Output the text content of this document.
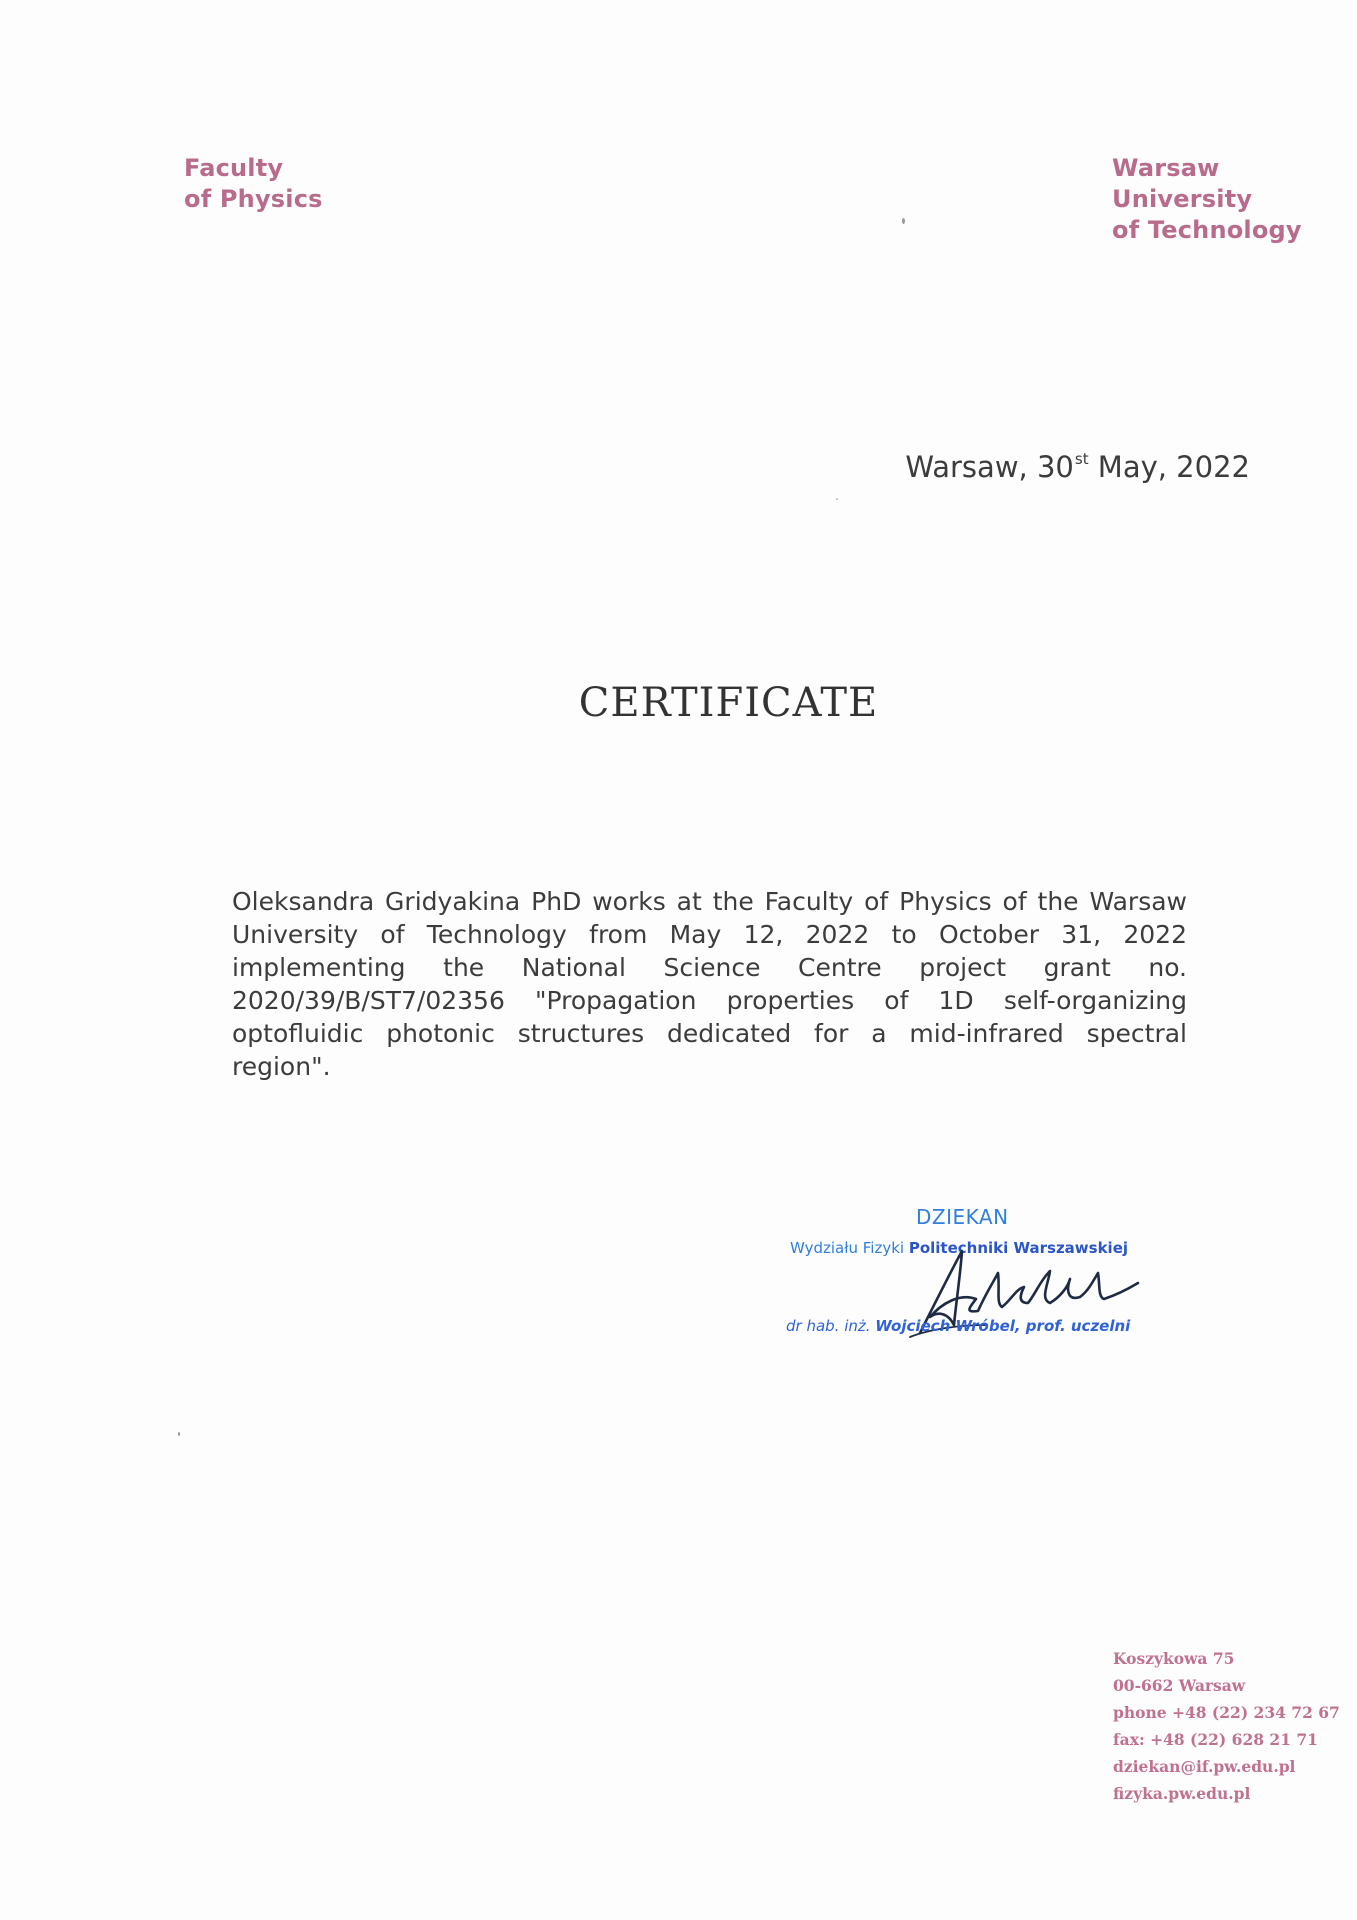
Faculty
of Physics
Warsaw University
of Technology
Warsaw, 30st May, 2022
CERTIFICATE

Oleksandra Gridyakina PhD works at the Faculty of Physics of the Warsaw University of Technology from May 12, 2022 to October 31, 2022 implementing the National Science Centre project grant no. 2020/39/B/ST7/02356 "Propagation properties of 1D self-organizing optofluidic photonic structures dedicated for a mid-infrared spectral region".

DZIEKAN
Wydziału Fizyki Politechniki Warszawskiej
dr hab. inż. Wojciech Wróbel, prof. uczelni
Koszykowa 75
00-662 Warsaw
phone +48 (22) 234 72 67
fax: +48 (22) 628 21 71
dziekan@if.pw.edu.pl
fizyka.pw.edu.pl
